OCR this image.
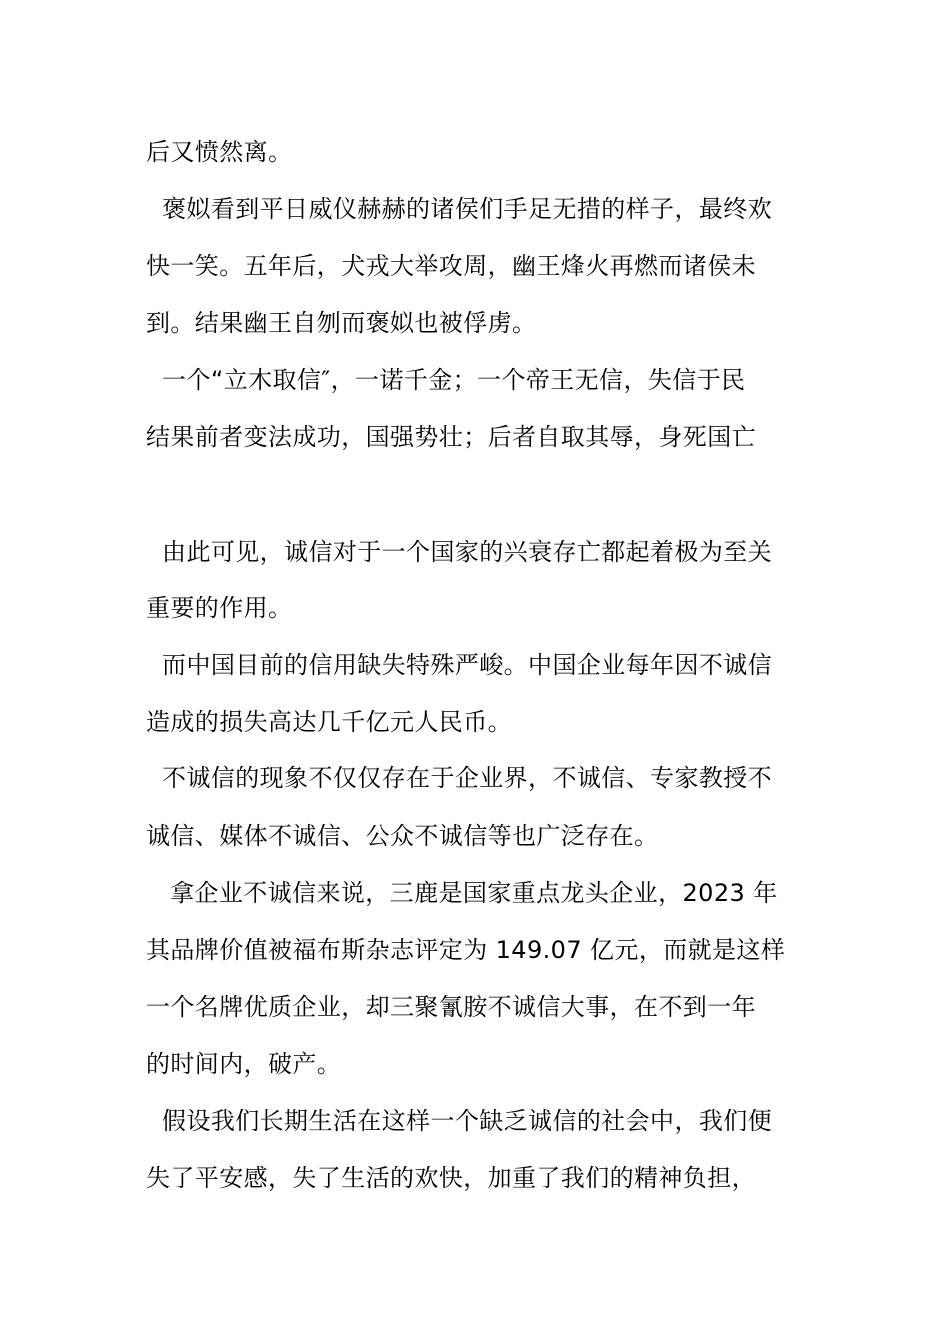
后又愤然离。
褒姒看到平日威仪赫赫的诸侯们手足无措的样子，最终欢
快一笑。五年后，犬戎大举攻周，幽王烽火再燃而诸侯未
到。结果幽王自刎而褒姒也被俘虏。
一个“立木取信″，一诺千金；一个帝王无信，失信于民
结果前者变法成功，国强势壮；后者自取其辱，身死国亡
由此可见，诚信对于一个国家的兴衰存亡都起着极为至关
重要的作用。
而中国目前的信用缺失特殊严峻。中国企业每年因不诚信
造成的损失高达几千亿元人民币。
不诚信的现象不仅仅存在于企业界，不诚信、专家教授不
诚信、媒体不诚信、公众不诚信等也广泛存在。
拿企业不诚信来说，三鹿是国家重点龙头企业，2023 年
其品牌价值被福布斯杂志评定为 149.07 亿元，而就是这样
一个名牌优质企业，却三聚氰胺不诚信大事，在不到一年
的时间内，破产。
假设我们长期生活在这样一个缺乏诚信的社会中，我们便
失了平安感，失了生活的欢快，加重了我们的精神负担，
